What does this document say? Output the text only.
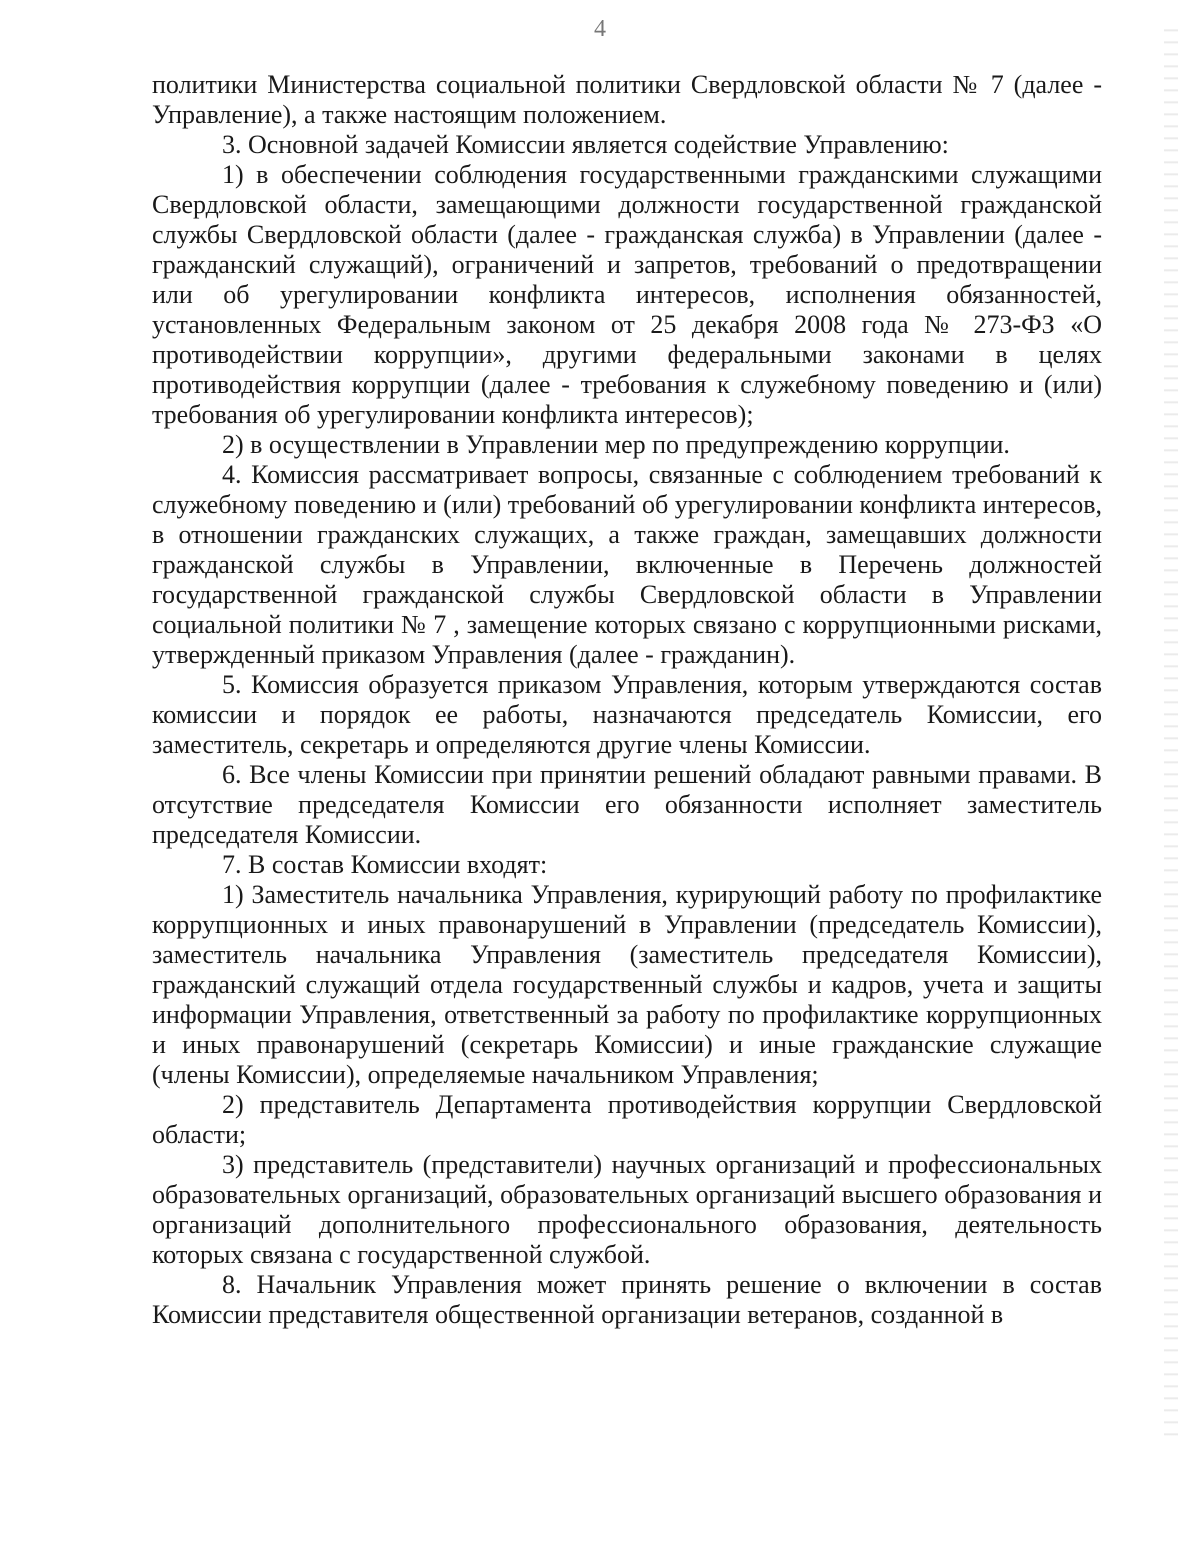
4

политики Министерства социальной политики Свердловской области № 7 (далее - Управление), а также настоящим положением.

3. Основной задачей Комиссии является содействие Управлению:

1) в обеспечении соблюдения государственными гражданскими служащими Свердловской области, замещающими должности государственной гражданской службы Свердловской области (далее - гражданская служба) в Управлении (далее - гражданский служащий), ограничений и запретов, требований о предотвращении или об урегулировании конфликта интересов, исполнения обязанностей, установленных Федеральным законом от 25 декабря 2008 года № 273-ФЗ «О противодействии коррупции», другими федеральными законами в целях противодействия коррупции (далее - требования к служебному поведению и (или) требования об урегулировании конфликта интересов);

2) в осуществлении в Управлении мер по предупреждению коррупции.

4. Комиссия рассматривает вопросы, связанные с соблюдением требований к служебному поведению и (или) требований об урегулировании конфликта интересов, в отношении гражданских служащих, а также граждан, замещавших должности гражданской службы в Управлении, включенные в Перечень должностей государственной гражданской службы Свердловской области в Управлении социальной политики № 7 , замещение которых связано с коррупционными рисками, утвержденный приказом Управления (далее - гражданин).

5. Комиссия образуется приказом Управления, которым утверждаются состав комиссии и порядок ее работы, назначаются председатель Комиссии, его заместитель, секретарь и определяются другие члены Комиссии.

6. Все члены Комиссии при принятии решений обладают равными правами. В отсутствие председателя Комиссии его обязанности исполняет заместитель председателя Комиссии.

7. В состав Комиссии входят:

1) Заместитель начальника Управления, курирующий работу по профилактике коррупционных и иных правонарушений в Управлении (председатель Комиссии), заместитель начальника Управления (заместитель председателя Комиссии), гражданский служащий отдела государственный службы и кадров, учета и защиты информации Управления, ответственный за работу по профилактике коррупционных и иных правонарушений (секретарь Комиссии) и иные гражданские служащие (члены Комиссии), определяемые начальником Управления;

2) представитель Департамента противодействия коррупции Свердловской области;

3) представитель (представители) научных организаций и профессиональных образовательных организаций, образовательных организаций высшего образования и организаций дополнительного профессионального образования, деятельность которых связана с государственной службой.

8. Начальник Управления может принять решение о включении в состав Комиссии представителя общественной организации ветеранов, созданной в
